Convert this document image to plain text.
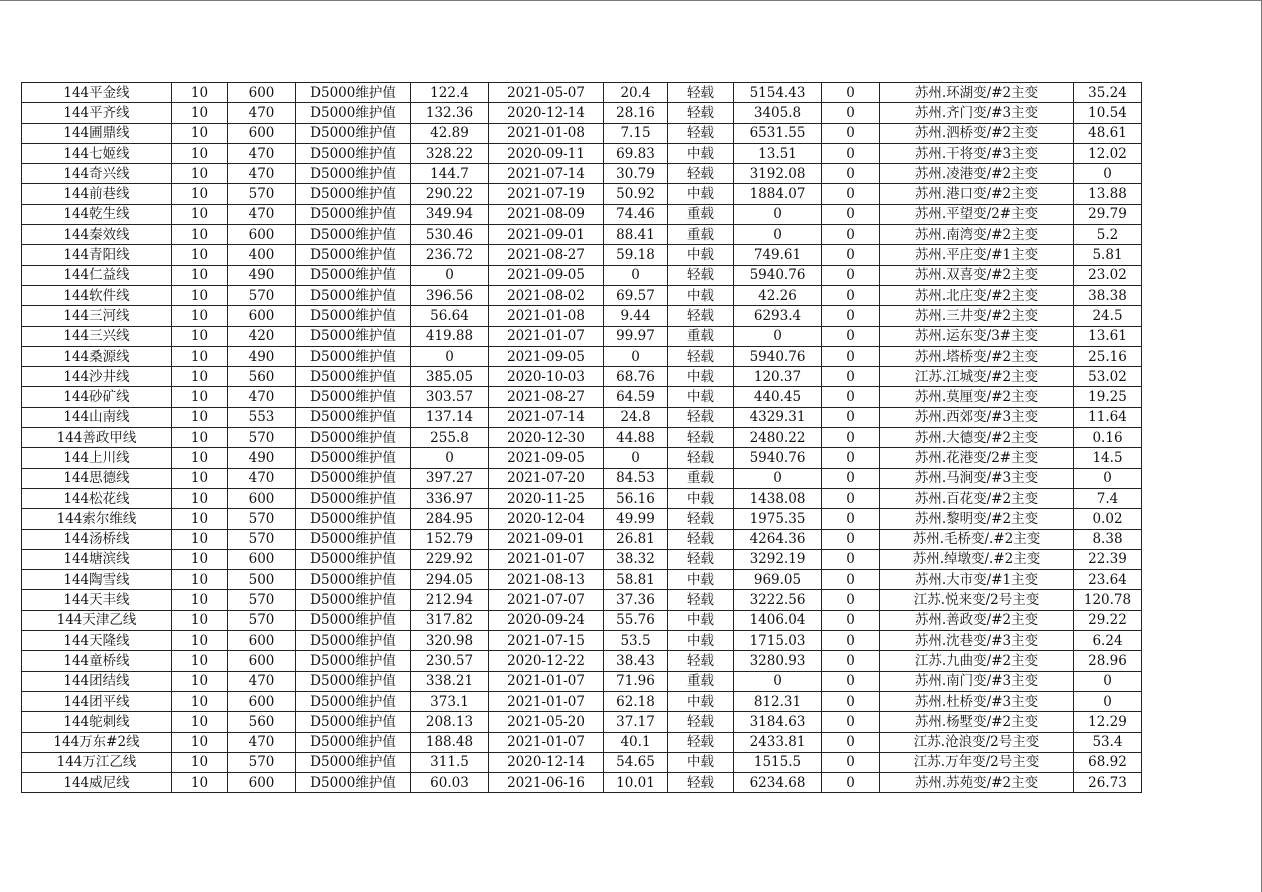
144平金线	10	600	D5000维护值	122.4	2021-05-07	20.4	轻载	5154.43	0	苏州.环湖变/#2主变	35.24
144平齐线	10	470	D5000维护值	132.36	2020-12-14	28.16	轻载	3405.8	0	苏州.齐门变/#3主变	10.54
144圃鼎线	10	600	D5000维护值	42.89	2021-01-08	7.15	轻载	6531.55	0	苏州.泗桥变/#2主变	48.61
144七姬线	10	470	D5000维护值	328.22	2020-09-11	69.83	中载	13.51	0	苏州.干将变/#3主变	12.02
144奇兴线	10	470	D5000维护值	144.7	2021-07-14	30.79	轻载	3192.08	0	苏州.凌港变/#2主变	0
144前巷线	10	570	D5000维护值	290.22	2021-07-19	50.92	中载	1884.07	0	苏州.港口变/#2主变	13.88
144乾生线	10	470	D5000维护值	349.94	2021-08-09	74.46	重载	0	0	苏州.平望变/2#主变	29.79
144秦效线	10	600	D5000维护值	530.46	2021-09-01	88.41	重载	0	0	苏州.南湾变/#2主变	5.2
144青阳线	10	400	D5000维护值	236.72	2021-08-27	59.18	中载	749.61	0	苏州.平庄变/#1主变	5.81
144仁益线	10	490	D5000维护值	0	2021-09-05	0	轻载	5940.76	0	苏州.双喜变/#2主变	23.02
144软件线	10	570	D5000维护值	396.56	2021-08-02	69.57	中载	42.26	0	苏州.北庄变/#2主变	38.38
144三河线	10	600	D5000维护值	56.64	2021-01-08	9.44	轻载	6293.4	0	苏州.三井变/#2主变	24.5
144三兴线	10	420	D5000维护值	419.88	2021-01-07	99.97	重载	0	0	苏州.运东变/3#主变	13.61
144桑源线	10	490	D5000维护值	0	2021-09-05	0	轻载	5940.76	0	苏州.塔桥变/#2主变	25.16
144沙井线	10	560	D5000维护值	385.05	2020-10-03	68.76	中载	120.37	0	江苏.江城变/#2主变	53.02
144砂矿线	10	470	D5000维护值	303.57	2021-08-27	64.59	中载	440.45	0	苏州.莫厘变/#2主变	19.25
144山南线	10	553	D5000维护值	137.14	2021-07-14	24.8	轻载	4329.31	0	苏州.西郊变/#3主变	11.64
144善政甲线	10	570	D5000维护值	255.8	2020-12-30	44.88	轻载	2480.22	0	苏州.大德变/#2主变	0.16
144上川线	10	490	D5000维护值	0	2021-09-05	0	轻载	5940.76	0	苏州.花港变/2#主变	14.5
144思德线	10	470	D5000维护值	397.27	2021-07-20	84.53	重载	0	0	苏州.马涧变/#3主变	0
144松花线	10	600	D5000维护值	336.97	2020-11-25	56.16	中载	1438.08	0	苏州.百花变/#2主变	7.4
144索尔维线	10	570	D5000维护值	284.95	2020-12-04	49.99	轻载	1975.35	0	苏州.黎明变/#2主变	0.02
144汤桥线	10	570	D5000维护值	152.79	2021-09-01	26.81	轻载	4264.36	0	苏州.毛桥变/.#2主变	8.38
144塘滨线	10	600	D5000维护值	229.92	2021-01-07	38.32	轻载	3292.19	0	苏州.绰墩变/.#2主变	22.39
144陶雪线	10	500	D5000维护值	294.05	2021-08-13	58.81	中载	969.05	0	苏州.大市变/#1主变	23.64
144天丰线	10	570	D5000维护值	212.94	2021-07-07	37.36	轻载	3222.56	0	江苏.悦来变/2号主变	120.78
144天津乙线	10	570	D5000维护值	317.82	2020-09-24	55.76	中载	1406.04	0	苏州.善政变/#2主变	29.22
144天隆线	10	600	D5000维护值	320.98	2021-07-15	53.5	中载	1715.03	0	苏州.沈巷变/#3主变	6.24
144童桥线	10	600	D5000维护值	230.57	2020-12-22	38.43	轻载	3280.93	0	江苏.九曲变/#2主变	28.96
144团结线	10	470	D5000维护值	338.21	2021-01-07	71.96	重载	0	0	苏州.南门变/#3主变	0
144团平线	10	600	D5000维护值	373.1	2021-01-07	62.18	中载	812.31	0	苏州.杜桥变/#3主变	0
144鸵刺线	10	560	D5000维护值	208.13	2021-05-20	37.17	轻载	3184.63	0	苏州.杨墅变/#2主变	12.29
144万东#2线	10	470	D5000维护值	188.48	2021-01-07	40.1	轻载	2433.81	0	江苏.沧浪变/2号主变	53.4
144万江乙线	10	570	D5000维护值	311.5	2020-12-14	54.65	中载	1515.5	0	江苏.万年变/2号主变	68.92
144威尼线	10	600	D5000维护值	60.03	2021-06-16	10.01	轻载	6234.68	0	苏州.苏苑变/#2主变	26.73
